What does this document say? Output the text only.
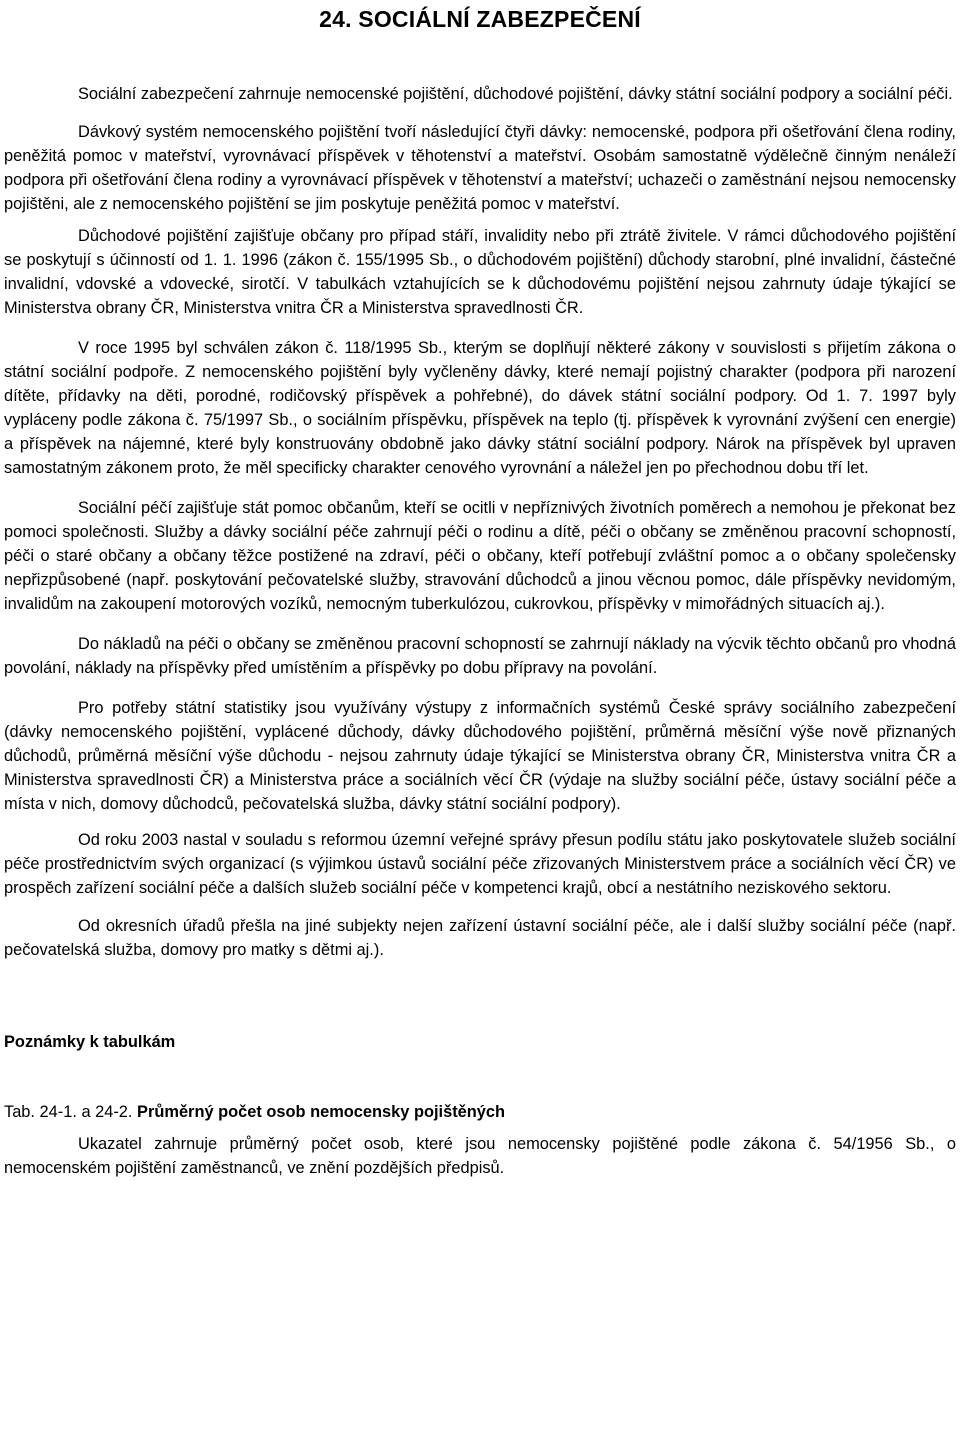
24. SOCIÁLNÍ ZABEZPEČENÍ

Sociální zabezpečení zahrnuje nemocenské pojištění, důchodové pojištění, dávky státní sociální podpory a sociální péči.

Dávkový systém nemocenského pojištění tvoří následující čtyři dávky: nemocenské, podpora při ošetřování člena rodiny, peněžitá pomoc v mateřství, vyrovnávací příspěvek v těhotenství a mateřství. Osobám samostatně výdělečně činným nenáleží podpora při ošetřování člena rodiny a vyrovnávací příspěvek v těhotenství a mateřství; uchazeči o zaměstnání nejsou nemocensky pojištěni, ale z nemocenského pojištění se jim poskytuje peněžitá pomoc v mateřství.

Důchodové pojištění zajišťuje občany pro případ stáří, invalidity nebo při ztrátě živitele. V rámci důchodového pojištění se poskytují s účinností od 1. 1. 1996 (zákon č. 155/1995 Sb., o důchodovém pojištění) důchody starobní, plné invalidní, částečné invalidní, vdovské a vdovecké, sirotčí. V tabulkách vztahujících se k důchodovému pojištění nejsou zahrnuty údaje týkající se Ministerstva obrany ČR, Ministerstva vnitra ČR a Ministerstva spravedlnosti ČR.

V roce 1995 byl schválen zákon č. 118/1995 Sb., kterým se doplňují některé zákony v souvislosti s přijetím zákona o státní sociální podpoře. Z nemocenského pojištění byly vyčleněny dávky, které nemají pojistný charakter (podpora při narození dítěte, přídavky na děti, porodné, rodičovský příspěvek a pohřebné), do dávek státní sociální podpory. Od 1. 7. 1997 byly vypláceny podle zákona č. 75/1997 Sb., o sociálním příspěvku, příspěvek na teplo (tj. příspěvek k vyrovnání zvýšení cen energie) a příspěvek na nájemné, které byly konstruovány obdobně jako dávky státní sociální podpory. Nárok na příspěvek byl upraven samostatným zákonem proto, že měl specificky charakter cenového vyrovnání a náležel jen po přechodnou dobu tří let.

Sociální péčí zajišťuje stát pomoc občanům, kteří se ocitli v nepříznivých životních poměrech a nemohou je překonat bez pomoci společnosti. Služby a dávky sociální péče zahrnují péči o rodinu a dítě, péči o občany se změněnou pracovní schopností, péči o staré občany a občany těžce postižené na zdraví, péči o občany, kteří potřebují zvláštní pomoc a o občany společensky nepřizpůsobené (např. poskytování pečovatelské služby, stravování důchodců a jinou věcnou pomoc, dále příspěvky nevidomým, invalidům na zakoupení motorových vozíků, nemocným tuberkulózou, cukrovkou, příspěvky v mimořádných situacích aj.).

Do nákladů na péči o občany se změněnou pracovní schopností se zahrnují náklady na výcvik těchto občanů pro vhodná povolání, náklady na příspěvky před umístěním a příspěvky po dobu přípravy na povolání.

Pro potřeby státní statistiky jsou využívány výstupy z informačních systémů České správy sociálního zabezpečení (dávky nemocenského pojištění, vyplácené důchody, dávky důchodového pojištění, průměrná měsíční výše nově přiznaných důchodů, průměrná měsíční výše důchodu - nejsou zahrnuty údaje týkající se Ministerstva obrany ČR, Ministerstva vnitra ČR a Ministerstva spravedlnosti ČR) a Ministerstva práce a sociálních věcí ČR (výdaje na služby sociální péče, ústavy sociální péče a místa v nich, domovy důchodců, pečovatelská služba, dávky státní sociální podpory).

Od roku 2003 nastal v souladu s reformou územní veřejné správy přesun podílu státu jako poskytovatele služeb sociální péče prostřednictvím svých organizací (s výjimkou ústavů sociální péče zřizovaných Ministerstvem práce a sociálních věcí ČR) ve prospěch zařízení sociální péče a dalších služeb sociální péče v kompetenci krajů, obcí a nestátního neziskového sektoru.

Od okresních úřadů přešla na jiné subjekty nejen zařízení ústavní sociální péče, ale i další služby sociální péče (např. pečovatelská služba, domovy pro matky s dětmi aj.).

Poznámky k tabulkám

Tab. 24-1. a 24-2. Průměrný počet osob nemocensky pojištěných

Ukazatel zahrnuje průměrný počet osob, které jsou nemocensky pojištěné podle zákona č. 54/1956 Sb., o nemocenském pojištění zaměstnanců, ve znění pozdějších předpisů.
